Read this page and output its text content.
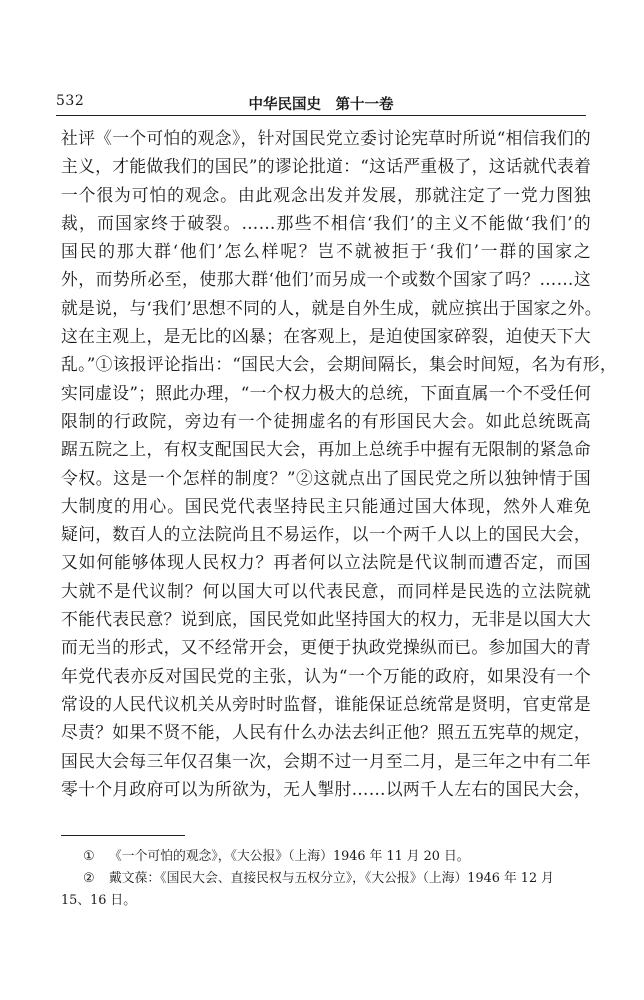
532	中华民国史　第十一卷
社评《一个可怕的观念》，针对国民党立委讨论宪草时所说“相信我们的
主义，才能做我们的国民”的谬论批道：“这话严重极了，这话就代表着
一个很为可怕的观念。由此观念出发并发展，那就注定了一党力图独
裁，而国家终于破裂。……那些不相信‘我们’的主义不能做‘我们’的
国民的那大群‘他们’怎么样呢？岂不就被拒于‘我们’一群的国家之
外，而势所必至，使那大群‘他们’而另成一个或数个国家了吗？……这
就是说，与‘我们’思想不同的人，就是自外生成，就应摈出于国家之外。
这在主观上，是无比的凶暴；在客观上，是迫使国家碎裂，迫使天下大
乱。”①该报评论指出：“国民大会，会期间隔长，集会时间短，名为有形，
实同虚设”；照此办理，“一个权力极大的总统，下面直属一个不受任何
限制的行政院，旁边有一个徒拥虚名的有形国民大会。如此总统既高
踞五院之上，有权支配国民大会，再加上总统手中握有无限制的紧急命
令权。这是一个怎样的制度？”②这就点出了国民党之所以独钟情于国
大制度的用心。国民党代表坚持民主只能通过国大体现，然外人难免
疑问，数百人的立法院尚且不易运作，以一个两千人以上的国民大会，
又如何能够体现人民权力？再者何以立法院是代议制而遭否定，而国
大就不是代议制？何以国大可以代表民意，而同样是民选的立法院就
不能代表民意？说到底，国民党如此坚持国大的权力，无非是以国大大
而无当的形式，又不经常开会，更便于执政党操纵而已。参加国大的青
年党代表亦反对国民党的主张，认为“一个万能的政府，如果没有一个
常设的人民代议机关从旁时时监督，谁能保证总统常是贤明，官吏常是
尽责？如果不贤不能，人民有什么办法去纠正他？照五五宪草的规定，
国民大会每三年仅召集一次，会期不过一月至二月，是三年之中有二年
零十个月政府可以为所欲为，无人掣肘……以两千人左右的国民大会，
① 《一个可怕的观念》，《大公报》（上海）1946 年 11 月 20 日。
② 戴文葆：《国民大会、直接民权与五权分立》，《大公报》（上海）1946 年 12 月
15、16 日。
